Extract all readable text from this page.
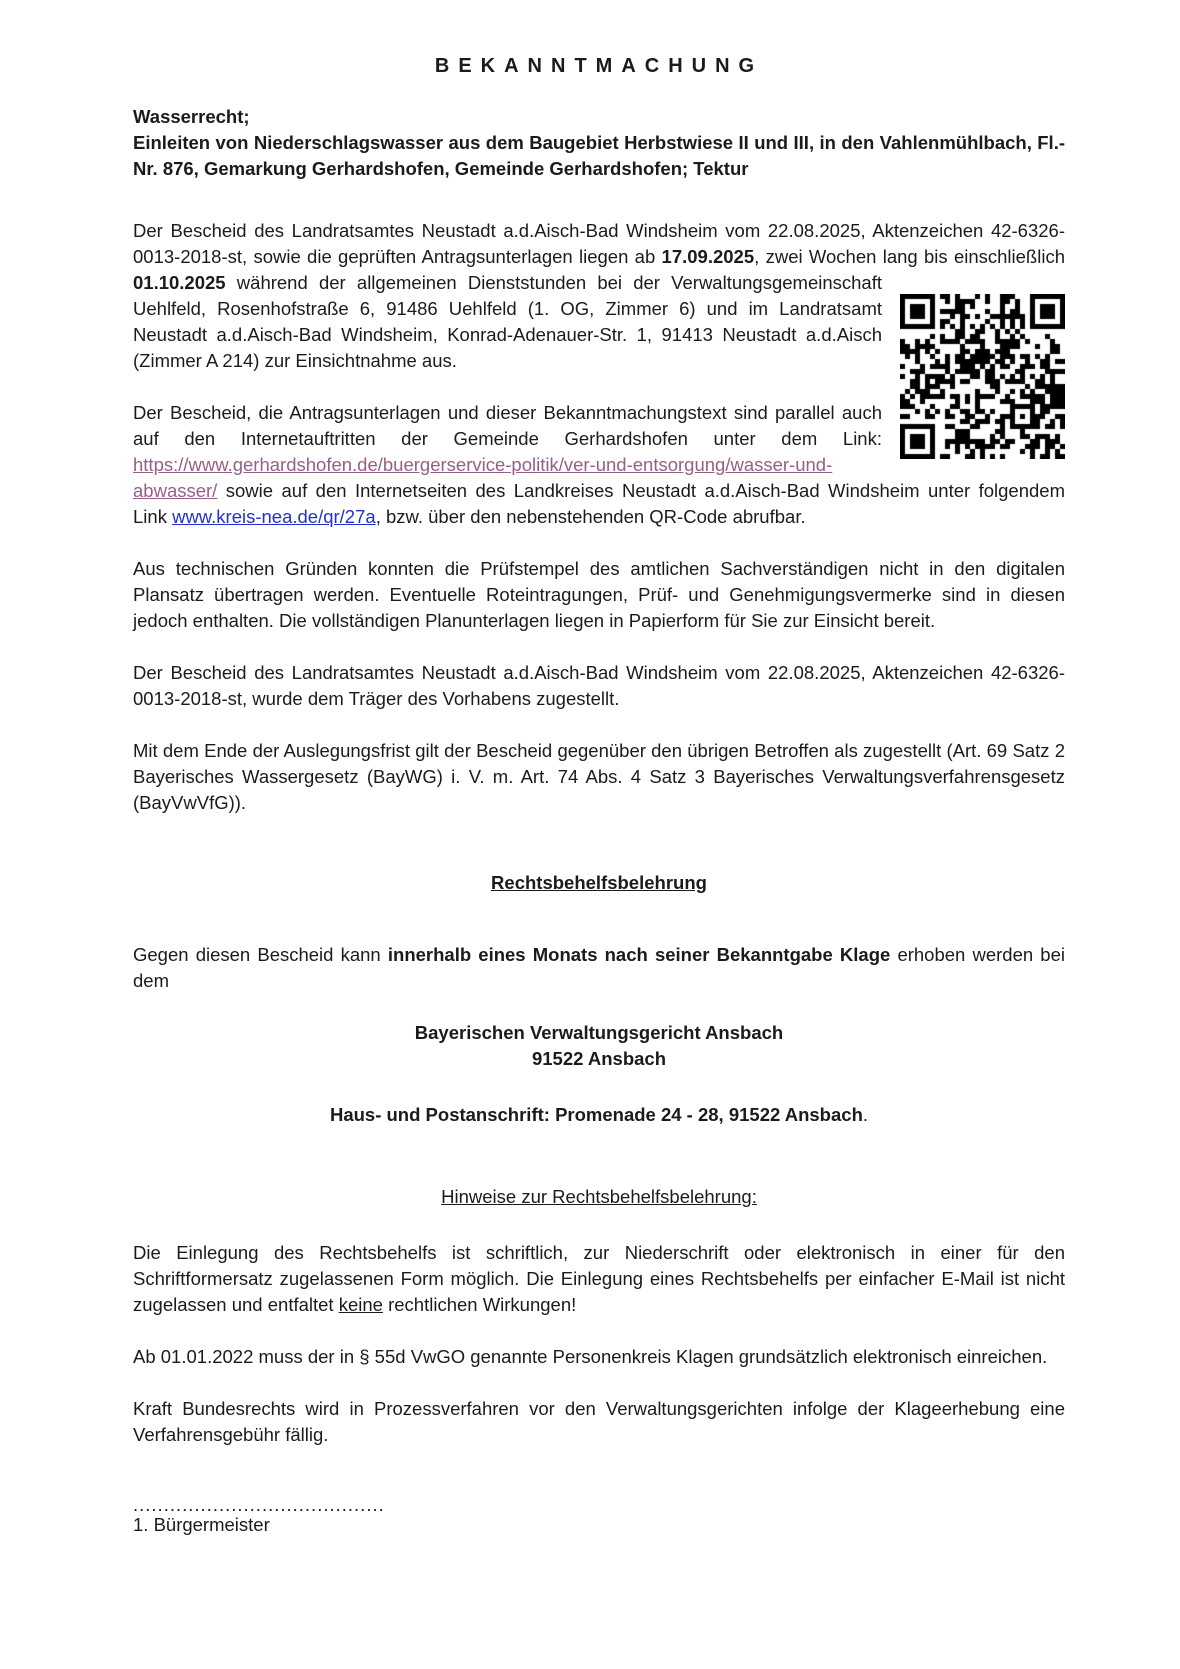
BEKANNTMACHUNG

Wasserrecht;
Einleiten von Niederschlagswasser aus dem Baugebiet Herbstwiese II und III, in den Vahlenmühlbach, Fl.-Nr. 876, Gemarkung Gerhardshofen, Gemeinde Gerhardshofen; Tektur

Der Bescheid des Landratsamtes Neustadt a.d.Aisch-Bad Windsheim vom 22.08.2025, Aktenzeichen 42-6326-0013-2018-st, sowie die geprüften Antragsunterlagen liegen ab 17.09.2025, zwei Wochen lang bis einschließlich 01.10.2025 während der allgemeinen Dienststunden bei der Verwaltungsgemeinschaft Uehlfeld, Rosenhofstraße 6, 91486 Uehlfeld (1. OG, Zimmer 6) und im Landratsamt Neustadt a.d.Aisch-Bad Windsheim, Konrad-Adenauer-Str. 1, 91413 Neustadt a.d.Aisch (Zimmer A 214) zur Einsichtnahme aus.

Der Bescheid, die Antragsunterlagen und dieser Bekanntmachungstext sind parallel auch auf den Internetauftritten der Gemeinde Gerhardshofen unter dem Link: https://www.gerhardshofen.de/buergerservice-politik/ver-und-entsorgung/wasser-und-abwasser/ sowie auf den Internetseiten des Landkreises Neustadt a.d.Aisch-Bad Windsheim unter folgendem Link www.kreis-nea.de/qr/27a, bzw. über den nebenstehenden QR-Code abrufbar.

Aus technischen Gründen konnten die Prüfstempel des amtlichen Sachverständigen nicht in den digitalen Plansatz übertragen werden. Eventuelle Roteintragungen, Prüf- und Genehmigungsvermerke sind in diesen jedoch enthalten. Die vollständigen Planunterlagen liegen in Papierform für Sie zur Einsicht bereit.

Der Bescheid des Landratsamtes Neustadt a.d.Aisch-Bad Windsheim vom 22.08.2025, Aktenzeichen 42-6326-0013-2018-st, wurde dem Träger des Vorhabens zugestellt.

Mit dem Ende der Auslegungsfrist gilt der Bescheid gegenüber den übrigen Betroffen als zugestellt (Art. 69 Satz 2 Bayerisches Wassergesetz (BayWG) i. V. m. Art. 74 Abs. 4 Satz 3 Bayerisches Verwaltungsverfahrensgesetz (BayVwVfG)).

Rechtsbehelfsbelehrung

Gegen diesen Bescheid kann innerhalb eines Monats nach seiner Bekanntgabe Klage erhoben werden bei dem

Bayerischen Verwaltungsgericht Ansbach
91522 Ansbach

Haus- und Postanschrift: Promenade 24 - 28, 91522 Ansbach.

Hinweise zur Rechtsbehelfsbelehrung:

Die Einlegung des Rechtsbehelfs ist schriftlich, zur Niederschrift oder elektronisch in einer für den Schriftformersatz zugelassenen Form möglich. Die Einlegung eines Rechtsbehelfs per einfacher E-Mail ist nicht zugelassen und entfaltet keine rechtlichen Wirkungen!

Ab 01.01.2022 muss der in § 55d VwGO genannte Personenkreis Klagen grundsätzlich elektronisch einreichen.

Kraft Bundesrechts wird in Prozessverfahren vor den Verwaltungsgerichten infolge der Klageerhebung eine Verfahrensgebühr fällig.

.........................................
1. Bürgermeister
